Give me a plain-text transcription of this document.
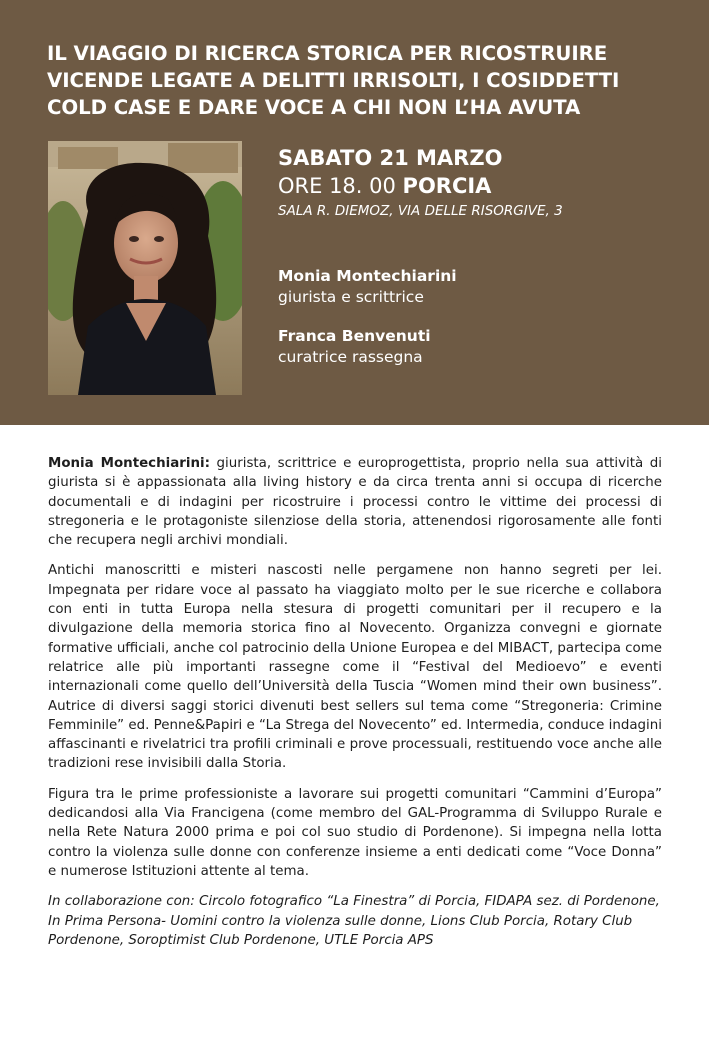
IL VIAGGIO DI RICERCA STORICA PER RICOSTRUIRE
VICENDE LEGATE A DELITTI IRRISOLTI, I COSIDDETTI
COLD CASE E DARE VOCE A CHI NON L’HA AVUTA
SABATO 21 MARZO
ORE 18. 00 PORCIA
SALA R. DIEMOZ, VIA DELLE RISORGIVE, 3
Monia Montechiarini
giurista e scrittrice
Franca Benvenuti
curatrice rassegna

Monia Montechiarini: giurista, scrittrice e europrogettista, proprio nella sua attività di giurista si è appassionata alla living history e da circa trenta anni si occupa di ricerche documentali e di indagini per ricostruire i processi contro le vittime dei processi di stregoneria e le protagoniste silenziose della storia, attenendosi rigorosamente alle fonti che recupera negli archivi mondiali.

Antichi manoscritti e misteri nascosti nelle pergamene non hanno segreti per lei. Impegnata per ridare voce al passato ha viaggiato molto per le sue ricerche e collabora con enti in tutta Europa nella stesura di progetti comunitari per il recupero e la divulgazione della memoria storica fino al Novecento. Organizza convegni e giornate formative ufficiali, anche col patrocinio della Unione Europea e del MIBACT, partecipa come relatrice alle più importanti rassegne come il “Festival del Medioevo” e eventi internazionali come quello dell’Università della Tuscia “Women mind their own business”. Autrice di diversi saggi storici divenuti best sellers sul tema come “Stregoneria: Crimine Femminile” ed. Penne&Papiri e “La Strega del Novecento” ed. Intermedia, conduce indagini affascinanti e rivelatrici tra profili criminali e prove processuali, restituendo voce anche alle tradizioni rese invisibili dalla Storia.

Figura tra le prime professioniste a lavorare sui progetti comunitari “Cammini d’Europa” dedicandosi alla Via Francigena (come membro del GAL-Programma di Sviluppo Rurale e nella Rete Natura 2000 prima e poi col suo studio di Pordenone). Si impegna nella lotta contro la violenza sulle donne con conferenze insieme a enti dedicati come “Voce Donna” e numerose Istituzioni attente al tema.

In collaborazione con: Circolo fotografico “La Finestra” di Porcia, FIDAPA sez. di Pordenone, In Prima Persona- Uomini contro la violenza sulle donne, Lions Club Porcia, Rotary Club Pordenone, Soroptimist Club Pordenone, UTLE Porcia APS
